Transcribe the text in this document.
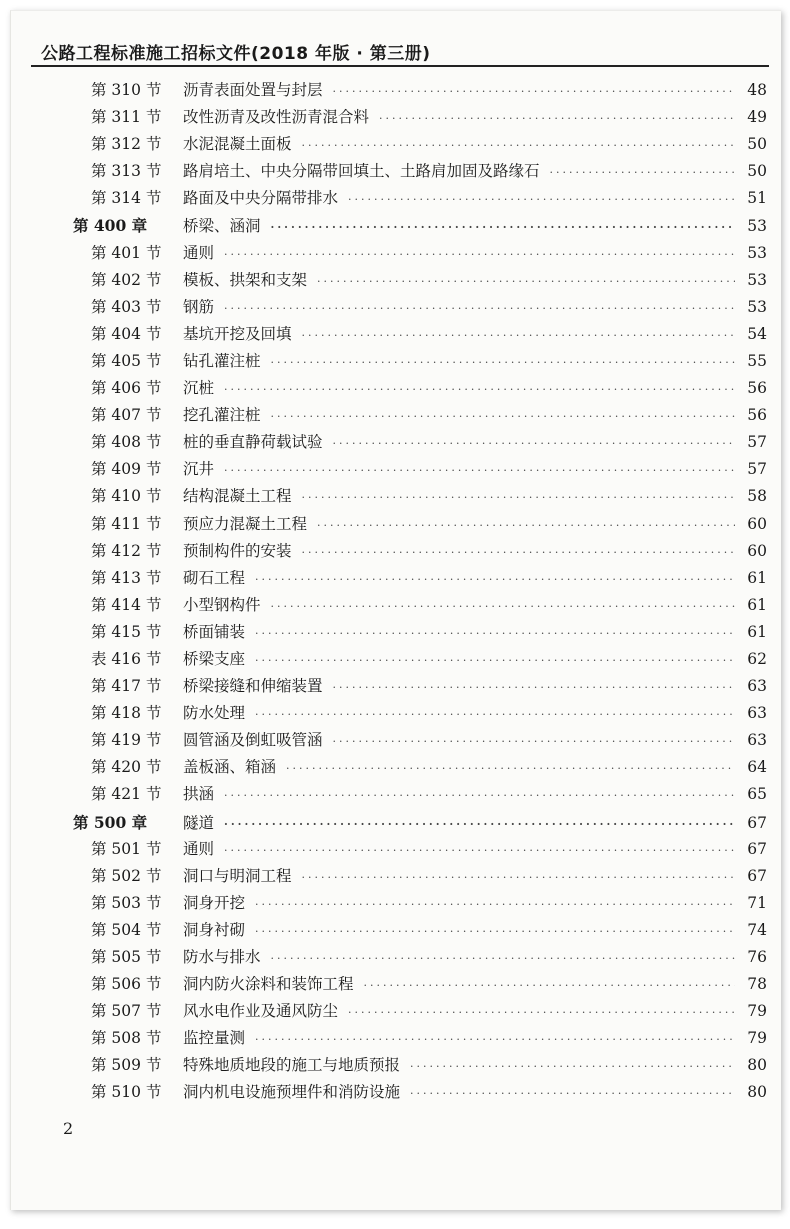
公路工程标准施工招标文件(2018 年版 · 第三册)
第 310 节	沥青表面处置与封层 ·····	48
第 311 节	改性沥青及改性沥青混合料 ·····	49
第 312 节	水泥混凝土面板 ·····	50
第 313 节	路肩培土、中央分隔带回填土、土路肩加固及路缘石 ·····	50
第 314 节	路面及中央分隔带排水 ·····	51
第 400 章	桥梁、涵洞 ·····	53
第 401 节	通则 ·····	53
第 402 节	模板、拱架和支架 ·····	53
第 403 节	钢筋 ·····	53
第 404 节	基坑开挖及回填 ·····	54
第 405 节	钻孔灌注桩 ·····	55
第 406 节	沉桩 ·····	56
第 407 节	挖孔灌注桩 ·····	56
第 408 节	桩的垂直静荷载试验 ·····	57
第 409 节	沉井 ·····	57
第 410 节	结构混凝土工程 ·····	58
第 411 节	预应力混凝土工程 ·····	60
第 412 节	预制构件的安装 ·····	60
第 413 节	砌石工程 ·····	61
第 414 节	小型钢构件 ·····	61
第 415 节	桥面铺装 ·····	61
表 416 节	桥梁支座 ·····	62
第 417 节	桥梁接缝和伸缩装置 ·····	63
第 418 节	防水处理 ·····	63
第 419 节	圆管涵及倒虹吸管涵 ·····	63
第 420 节	盖板涵、箱涵 ·····	64
第 421 节	拱涵 ·····	65
第 500 章	隧道 ·····	67
第 501 节	通则 ·····	67
第 502 节	洞口与明洞工程 ·····	67
第 503 节	洞身开挖 ·····	71
第 504 节	洞身衬砌 ·····	74
第 505 节	防水与排水 ·····	76
第 506 节	洞内防火涂料和装饰工程 ·····	78
第 507 节	风水电作业及通风防尘 ·····	79
第 508 节	监控量测 ·····	79
第 509 节	特殊地质地段的施工与地质预报 ·····	80
第 510 节	洞内机电设施预埋件和消防设施 ·····	80
2
